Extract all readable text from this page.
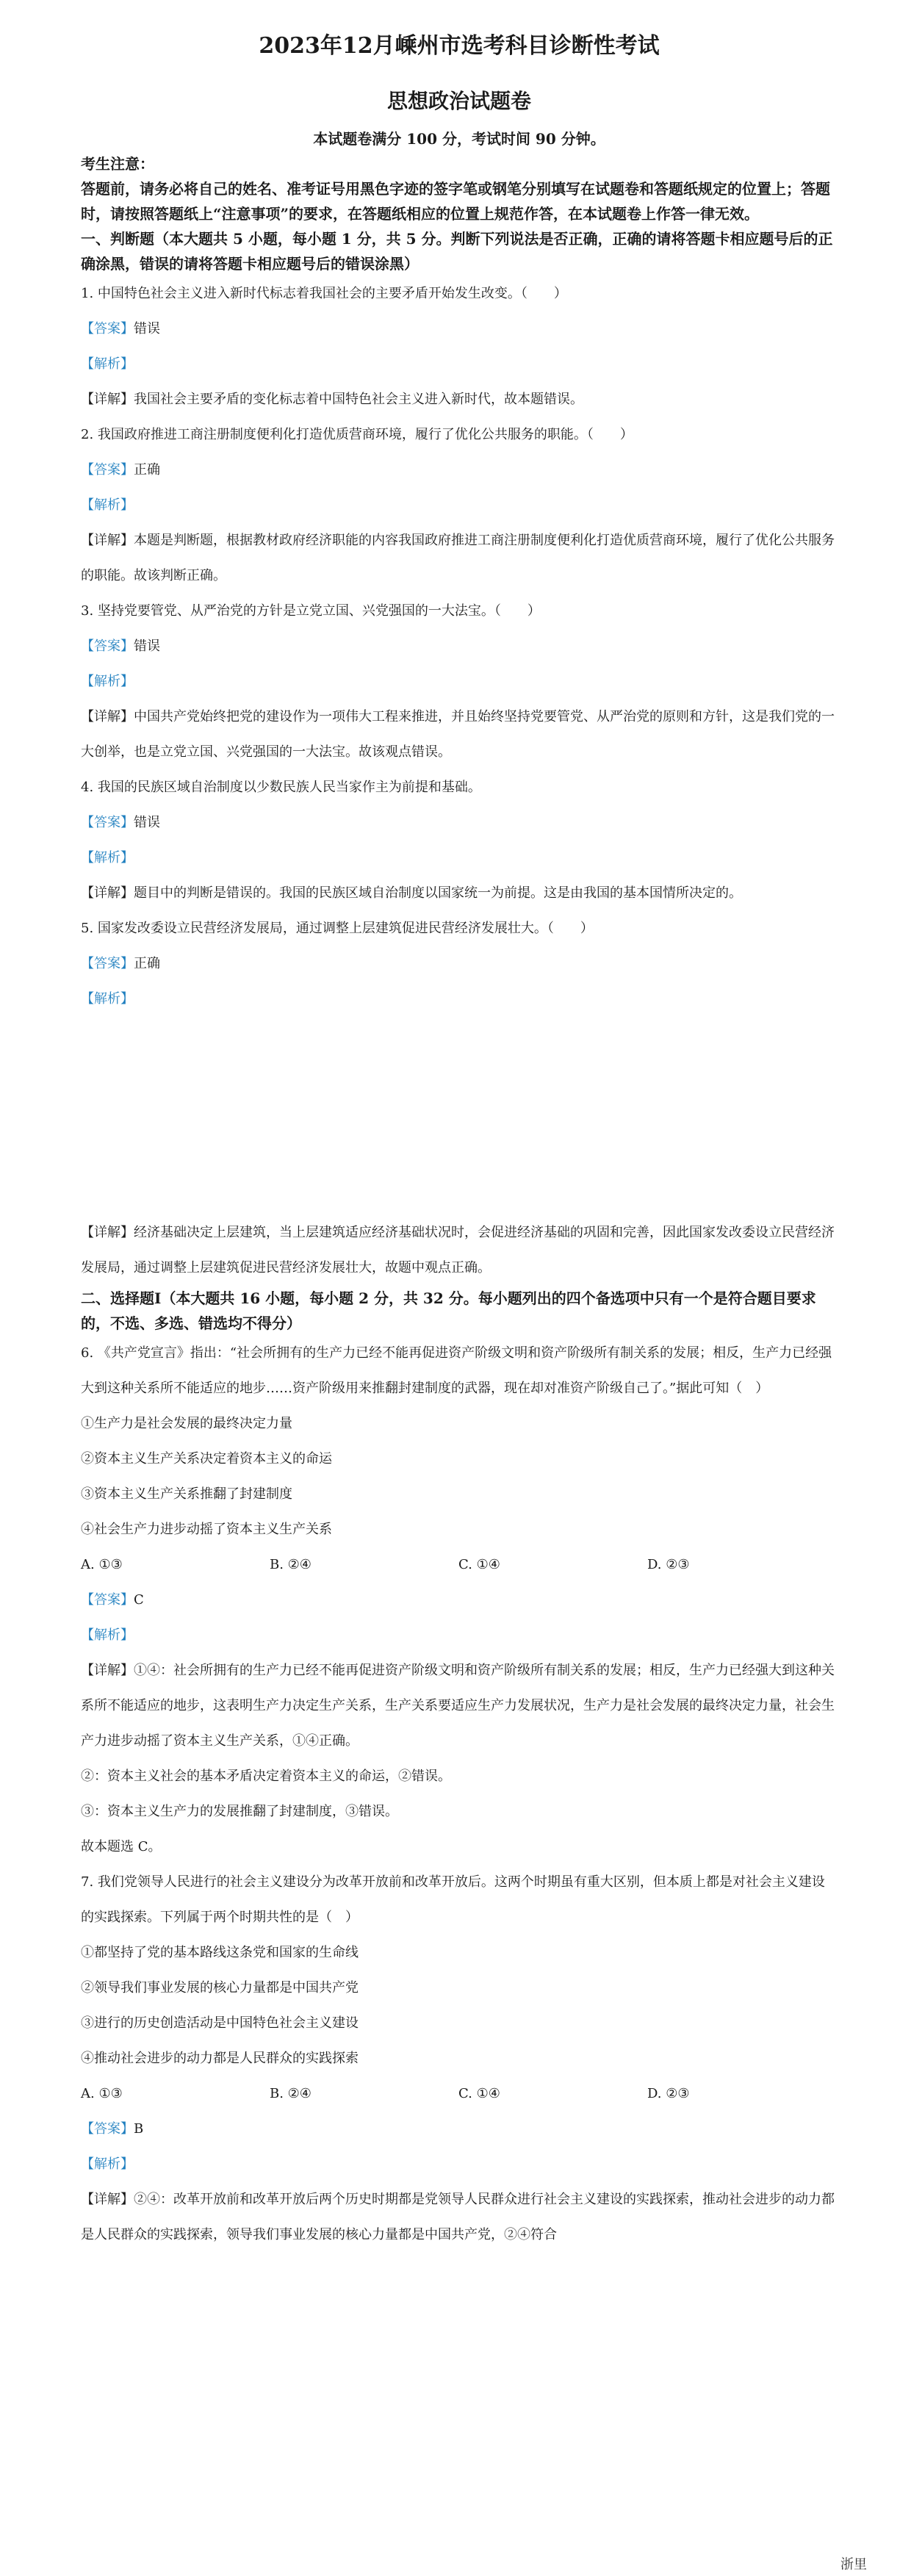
2023年12月嵊州市选考科目诊断性考试
思想政治试题卷
本试题卷满分 100 分，考试时间 90 分钟。
考生注意：
答题前，请务必将自己的姓名、准考证号用黑色字迹的签字笔或钢笔分别填写在试题卷和答题纸规定的位置上；答题时，请按照答题纸上“注意事项”的要求，在答题纸相应的位置上规范作答，在本试题卷上作答一律无效。
一、判断题（本大题共 5 小题，每小题 1 分，共 5 分。判断下列说法是否正确，正确的请将答题卡相应题号后的正确涂黑，错误的请将答题卡相应题号后的错误涂黑）
1. 中国特色社会主义进入新时代标志着我国社会的主要矛盾开始发生改变。（　　）
【答案】错误
【解析】
【详解】我国社会主要矛盾的变化标志着中国特色社会主义进入新时代，故本题错误。
2. 我国政府推进工商注册制度便利化打造优质营商环境，履行了优化公共服务的职能。（　　）
【答案】正确
【解析】
【详解】本题是判断题，根据教材政府经济职能的内容我国政府推进工商注册制度便利化打造优质营商环境，履行了优化公共服务的职能。故该判断正确。
3. 坚持党要管党、从严治党的方针是立党立国、兴党强国的一大法宝。（　　）
【答案】错误
【解析】
【详解】中国共产党始终把党的建设作为一项伟大工程来推进，并且始终坚持党要管党、从严治党的原则和方针，这是我们党的一大创举，也是立党立国、兴党强国的一大法宝。故该观点错误。
4. 我国的民族区域自治制度以少数民族人民当家作主为前提和基础。
【答案】错误
【解析】
【详解】题目中的判断是错误的。我国的民族区域自治制度以国家统一为前提。这是由我国的基本国情所决定的。
5. 国家发改委设立民营经济发展局，通过调整上层建筑促进民营经济发展壮大。（　　）
【答案】正确
【解析】
【详解】经济基础决定上层建筑，当上层建筑适应经济基础状况时，会促进经济基础的巩固和完善，因此国家发改委设立民营经济发展局，通过调整上层建筑促进民营经济发展壮大，故题中观点正确。
二、选择题Ⅰ（本大题共 16 小题，每小题 2 分，共 32 分。每小题列出的四个备选项中只有一个是符合题目要求的，不选、多选、错选均不得分）
6. 《共产党宣言》指出：“社会所拥有的生产力已经不能再促进资产阶级文明和资产阶级所有制关系的发展；相反，生产力已经强大到这种关系所不能适应的地步……资产阶级用来推翻封建制度的武器，现在却对准资产阶级自己了。”据此可知（　）
①生产力是社会发展的最终决定力量
②资本主义生产关系决定着资本主义的命运
③资本主义生产关系推翻了封建制度
④社会生产力进步动摇了资本主义生产关系
A. ①③	B. ②④	C. ①④	D. ②③
【答案】C
【解析】
【详解】①④：社会所拥有的生产力已经不能再促进资产阶级文明和资产阶级所有制关系的发展；相反，生产力已经强大到这种关系所不能适应的地步，这表明生产力决定生产关系，生产关系要适应生产力发展状况，生产力是社会发展的最终决定力量，社会生产力进步动摇了资本主义生产关系，①④正确。
②：资本主义社会的基本矛盾决定着资本主义的命运，②错误。
③：资本主义生产力的发展推翻了封建制度，③错误。
故本题选 C。
7. 我们党领导人民进行的社会主义建设分为改革开放前和改革开放后。这两个时期虽有重大区别，但本质上都是对社会主义建设的实践探索。下列属于两个时期共性的是（　）
①都坚持了党的基本路线这条党和国家的生命线
②领导我们事业发展的核心力量都是中国共产党
③进行的历史创造活动是中国特色社会主义建设
④推动社会进步的动力都是人民群众的实践探索
A. ①③	B. ②④	C. ①④	D. ②③
【答案】B
【解析】
【详解】②④：改革开放前和改革开放后两个历史时期都是党领导人民群众进行社会主义建设的实践探索，推动社会进步的动力都是人民群众的实践探索，领导我们事业发展的核心力量都是中国共产党，②④符合
浙里
